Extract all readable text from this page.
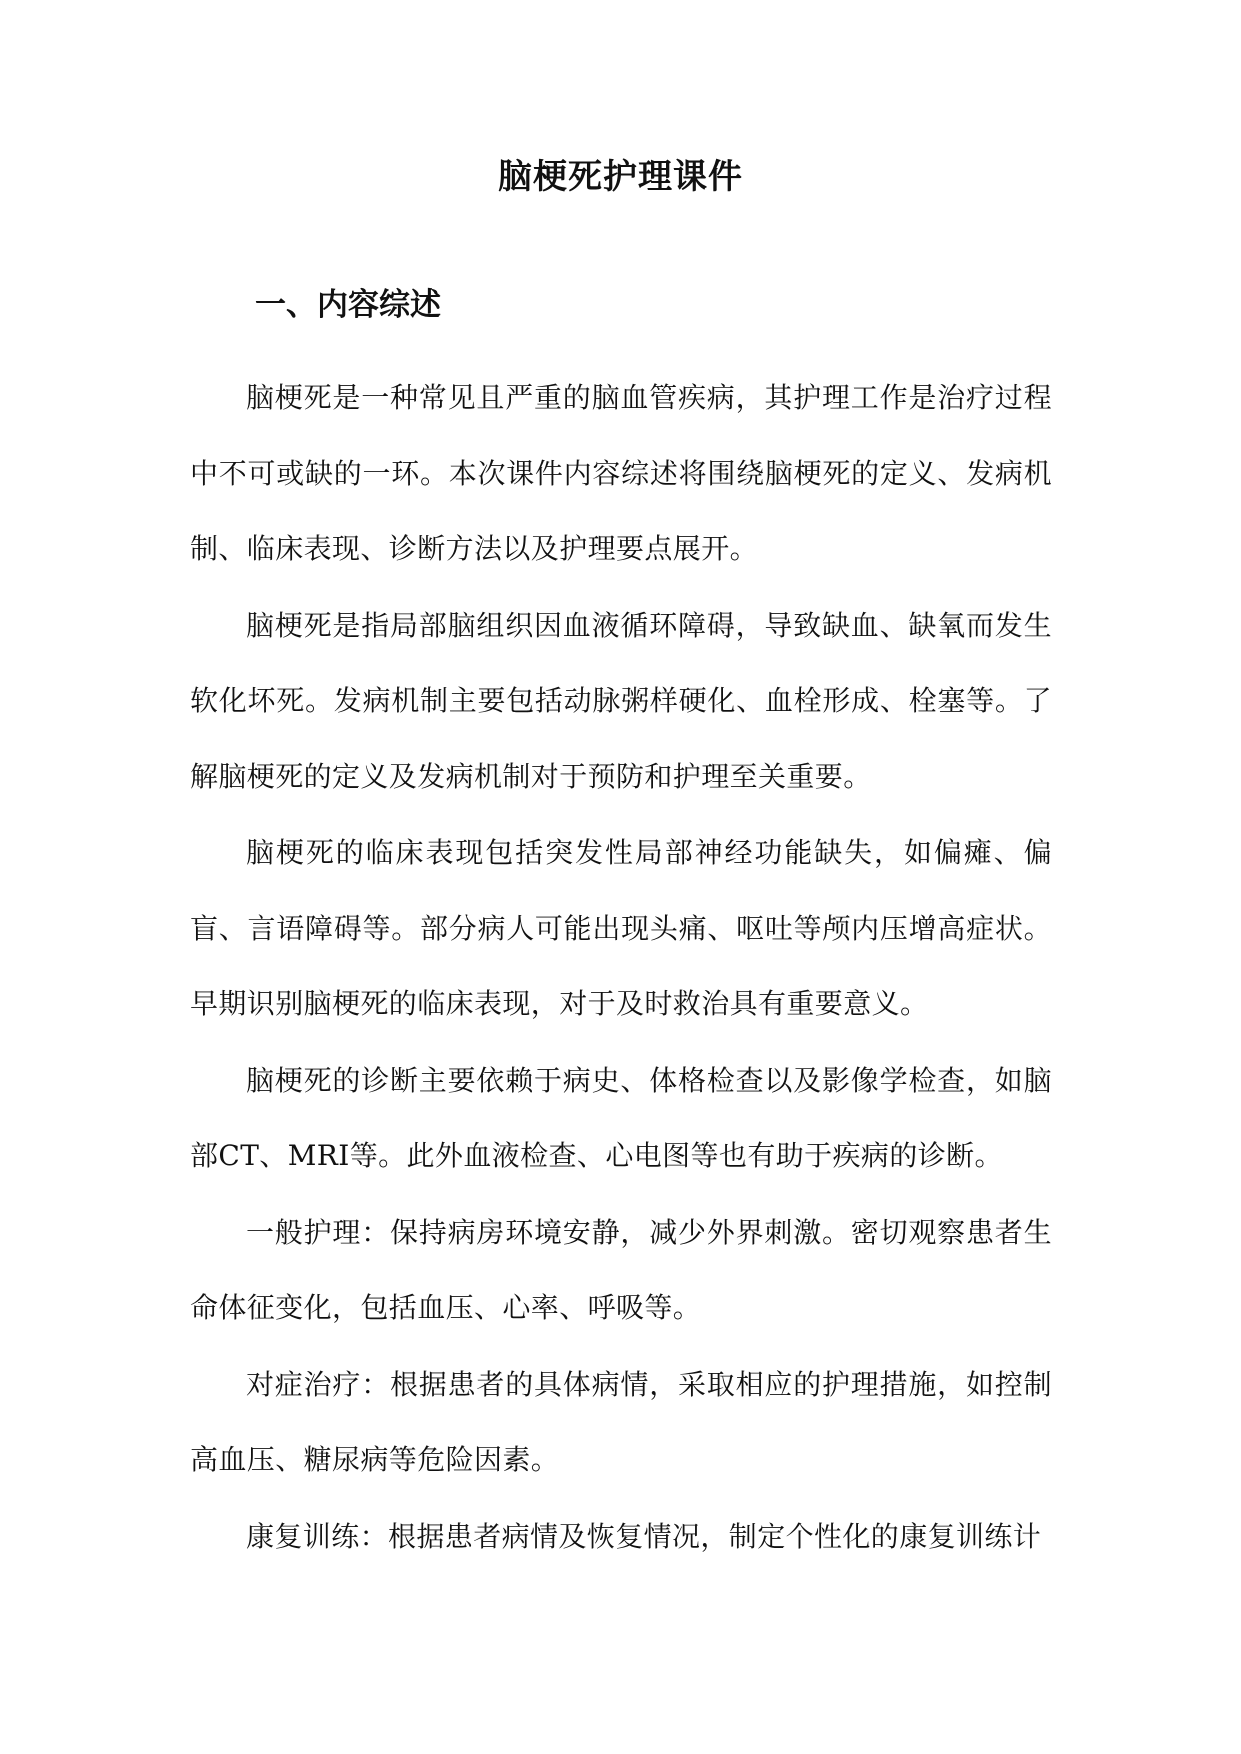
脑梗死护理课件
一、内容综述

脑梗死是一种常见且严重的脑血管疾病，其护理工作是治疗过程中不可或缺的一环。本次课件内容综述将围绕脑梗死的定义、发病机制、临床表现、诊断方法以及护理要点展开。

脑梗死是指局部脑组织因血液循环障碍，导致缺血、缺氧而发生软化坏死。发病机制主要包括动脉粥样硬化、血栓形成、栓塞等。了解脑梗死的定义及发病机制对于预防和护理至关重要。

脑梗死的临床表现包括突发性局部神经功能缺失，如偏瘫、偏盲、言语障碍等。部分病人可能出现头痛、呕吐等颅内压增高症状。早期识别脑梗死的临床表现，对于及时救治具有重要意义。

脑梗死的诊断主要依赖于病史、体格检查以及影像学检查，如脑部CT、MRI等。此外血液检查、心电图等也有助于疾病的诊断。

一般护理：保持病房环境安静，减少外界刺激。密切观察患者生命体征变化，包括血压、心率、呼吸等。

对症治疗：根据患者的具体病情，采取相应的护理措施，如控制高血压、糖尿病等危险因素。

康复训练：根据患者病情及恢复情况，制定个性化的康复训练计
